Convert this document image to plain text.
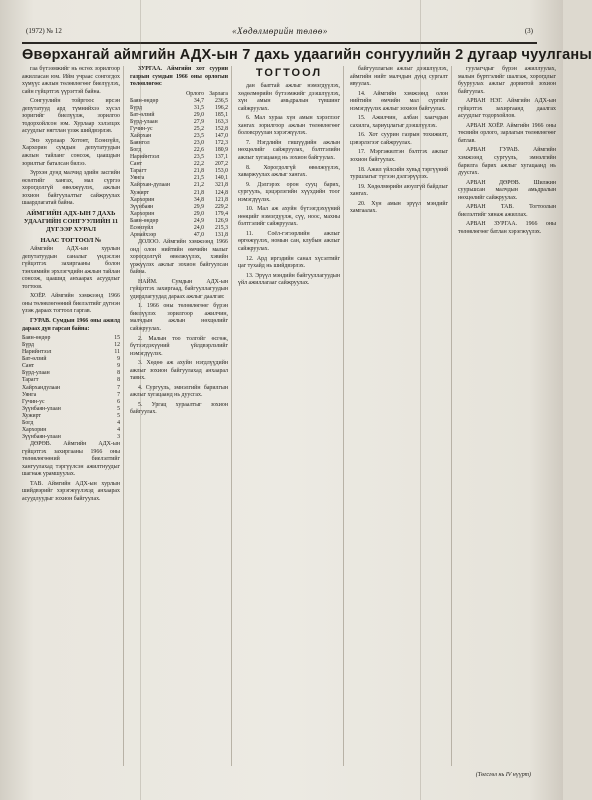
(1972) № 12	«Хөдөлмөрийн төлөө»	(3)
Өвөрхангай аймгийн АДХ-ын 7 дахь удаагийн сонгуулийн 2 дугаар чуулганы

гаа бүтээмжийг нь өсгөх зорилгоор ажилласан юм. Ийм учраас сонгогдох хүмүүс ажлын төлөвлөгөөг биелүүлэх, сайн гүйцэтгэх үүрэгтэй байна.

Сонгуулийн тойргоос ирсэн депутатууд ард түмнийхээ хүсэл зоригийг биелүүлж, зорилгоо тодорхойлсон юм. Хурлаар хэлэлцэх асуудлыг нягтлан үзэж шийдвэрлэв.

Энэ хурлаар Хотонт, Есөнзүйл, Хархорин сумдын депутатуудын ажлын тайланг сонсож, цаашдын зорилтыг баталсан билээ.

Зүрхэн дунд малчид эдийн засгийн өсөлтийг хангах, мал сүргээ хорогдолгүй өвөлжүүлэх, ажлын зохион байгуулалтыг сайжруулах шаардлагатай байна.

АЙМГИЙН АДХ-ЫН 7 ДАХЬ УДААГИЙН СОНГУУЛИЙН 11 ДҮГЭЭР ХУРАЛ
НААС ТОГТООЛ №

Аймгийн АДХ-ын хурлын депутатуудын саналыг үндэслэн гүйцэтгэх захиргааны болон тэнхимийн эрхлэгчдийн ажлын тайлан сонсож, цаашид анхаарах асуудлыг тогтоов.

ХОЁР. Аймгийн хэмжээнд 1966 оны төлөвлөгөөний биелэлтийг дүгнэн үзэж дараах тогтоол гаргав.

ГУРАВ. Сумдын 1966 оны ажилд дараах дүн гарсан байна:

Баян-өндөр	15
Бүрд	12
Нарийнтээл	11
Бат-өлзий	9
Сант	9
Бүрд-улаан	8
Тарагт	8
Хайрхандулаан	7
Уянга	7
Гучин-ус	6
Зүүнбаян-улаан	5
Хужирт	5
Богд	4
Хархорин	4
Зүүнбаян-улаан	3

ДӨРӨВ. Аймгийн АДХ-ын гүйцэтгэх захиргааны 1966 оны төлөвлөгөөний биелэлтийг хангуулахад тэргүүлсэн ажилтнуудыг шагнаж урамшуулах.

ТАВ. Аймгийн АДХ-ын хурлын шийдвэрийг хэрэгжүүлэхэд анхаарах асуудлуудыг зохион байгуулах.

ЗУРГАА. Аймгийн хот суурин газрын сумдын 1966 оны орлогын төлөвлөгөө:

	Орлого	Зарлага
Баян-өндөр	34,7	236,5
Бүрд	31,5	196,2
Бат-өлзий	29,0	185,1
Бүрд-улаан	27,9	163,3
Гучин-ус	25,2	152,8
Хайрхан	23,5	147,0
Баянгол	23,0	172,3
Богд	22,6	180,9
Нарийнтээл	23,5	137,1
Сант	22,2	207,2
Тарагт	21,8	153,0
Уянга	21,5	140,1
Хайрхан-дулаан	21,2	321,8
Хужирт	21,8	124,8
Хархорин	34,8	121,8
Зүүнбаян	29,9	229,2
Хархорин	29,0	179,4
Баян-өндөр	24,9	126,9
Есөнзүйл	24,0	215,3
Арвайхээр	47,0	131,8

ДОЛОО. Аймгийн хэмжээнд 1966 онд олон нийтийн өмчийн малыг хорогдолгүй өвөлжүүлэх, хэвийн үржүүлэх ажлыг зохион байгуулсан байна.

НАЙМ. Сумдын АДХ-ын гүйцэтгэх захиргаад, байгууллагуудын удирдлагуудад дараах ажлыг даалгав:

1. 1966 оны төлөвлөгөөг бүрэн биелүүлэх зорилгоор ажилчин, малчдын ажлын нөхцөлийг сайжруулах.

2. Малын тоо толгойг өсгөж, бүтээгдэхүүний үйлдвэрлэлийг нэмэгдүүлэх.

3. Хөдөө аж ахуйн нэгдлүүдийн ажлыг зохион байгуулахад анхаарал тавих.

4. Сургууль, эмнэлгийн барилгын ажлыг хугацаанд нь дуусгах.

5. Ургац хураалтыг зохион байгуулах.

ТОГТООЛ

дан бааттай ажлыг нэмэгдүүлэх, хөдөлмөрийн бүтээмжийг дээшлүүлэх, хүн амын амьдралын түвшинг сайжруулах.

6. Мал хураа хүн амын хэрэглээг хангах зорилгоор ажлын төлөвлөгөөг боловсруулан хэрэгжүүлэх.

7. Нэгдлийн гишүүдийн ажлын нөхцөлийг сайжруулах, бэлтгэлийн ажлыг хугацаанд нь зохион байгуулах.

8. Хорогдолгүй өвөлжүүлэх, хаваржуулах ажлыг хангах.

9. Дэлгэрэх орон сууц барих, сургууль, цэцэрлэгийн хүүхдийн тоог нэмэгдүүлэх.

10. Мал аж ахуйн бүтээгдэхүүний нөөцийг нэмэгдүүлж, сүү, ноос, махны бэлтгэлийг сайжруулах.

11. Соёл-гэгээрлийн ажлыг өргөжүүлэх, номын сан, клубын ажлыг сайжруулах.

12. Ард иргэдийн санал хүсэлтийг цаг тухайд нь шийдвэрлэх.

13. Эрүүл мэндийн байгууллагуудын үйл ажиллагааг сайжруулах.

байгууллагын ажлыг дээшлүүлэх, аймгийн нийт малчдын дунд сургалт явуулах.

14. Аймгийн хэмжээнд олон нийтийн өмчийн мал сүргийг нэмэгдүүлэх ажлыг зохион байгуулах.

15. Ажилчин, албан хаагчдын сахилга, хариуцлагыг дээшлүүлэх.

16. Хот суурин газрын тохижилт, цэвэрлэгээг сайжруулах.

17. Мэргэжилтэн бэлтгэх ажлыг зохион байгуулах.

18. Ажил үйлсийн хувьд тэргүүний туршлагыг түгээн дэлгэрүүлэх.

19. Хөдөлмөрийн аюулгүй байдлыг хангах.

20. Хүн амын эрүүл мэндийг хамгаалах.

гуулагчдыг бүрэн ажиллуулах, малын бүртгэлийг шалгаж, хорогдлыг бууруулах ажлыг дорвитой зохион байгуулах.

АРВАН НЭГ. Аймгийн АДХ-ын гүйцэтгэх захиргаанд даалгах асуудлыг тодорхойлов.

АРВАН ХОЁР. Аймгийн 1966 оны төсвийн орлого, зарлагын төлөвлөгөөг батлав.

АРВАН ГУРАВ. Аймгийн хэмжээнд сургууль, эмнэлгийн барилга барих ажлыг хугацаанд нь дуусгах.

АРВАН ДӨРӨВ. Шилжин суурьшсан малчдын амьдралын нөхцөлийг сайжруулах.

АРВАН ТАВ. Тогтоолын биелэлтийг хянаж ажиллах.

АРВАН ЗУРГАА. 1966 оны төлөвлөгөөг батлан хэрэгжүүлэх.

(Төгсгөл нь IV нүүрт)
